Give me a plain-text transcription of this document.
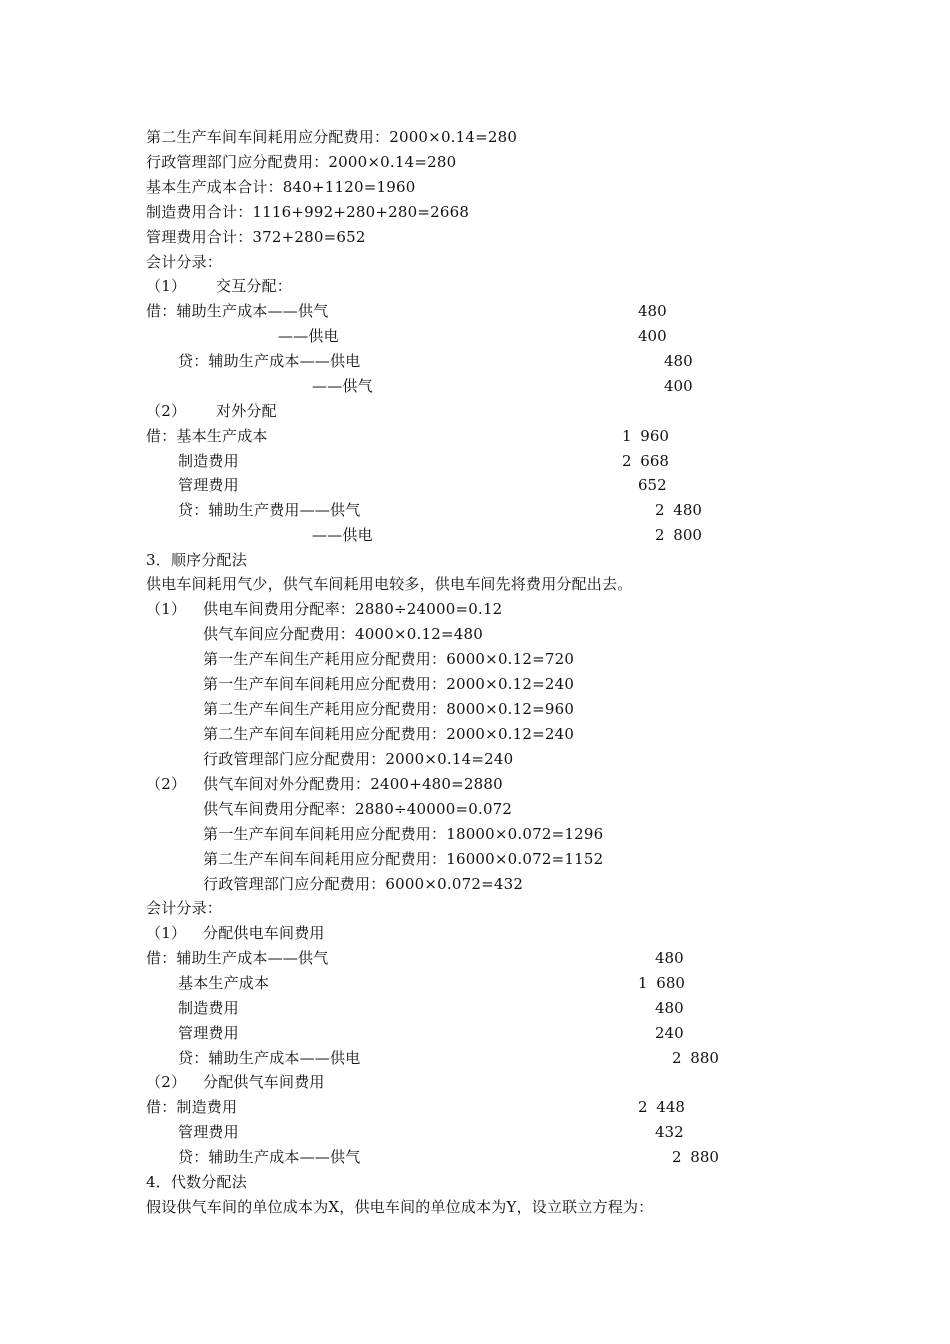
第二生产车间车间耗用应分配费用：2000×0.14=280
行政管理部门应分配费用：2000×0.14=280
基本生产成本合计：840+1120=1960
制造费用合计：1116+992+280+280=2668
管理费用合计：372+280=652
会计分录：
（1） 交互分配：
借：辅助生产成本——供气	480
——供电	400
贷：辅助生产成本——供电	480
——供气	400
（2） 对外分配
借：基本生产成本	1 960
制造费用	2 668
管理费用	652
贷：辅助生产费用——供气	2 480
——供电	2 800
3．顺序分配法
供电车间耗用气少，供气车间耗用电较多，供电车间先将费用分配出去。
（1） 供电车间费用分配率：2880÷24000=0.12
供气车间应分配费用：4000×0.12=480
第一生产车间生产耗用应分配费用：6000×0.12=720
第一生产车间车间耗用应分配费用：2000×0.12=240
第二生产车间生产耗用应分配费用：8000×0.12=960
第二生产车间车间耗用应分配费用：2000×0.12=240
行政管理部门应分配费用：2000×0.14=240
（2） 供气车间对外分配费用：2400+480=2880
供气车间费用分配率：2880÷40000=0.072
第一生产车间车间耗用应分配费用：18000×0.072=1296
第二生产车间车间耗用应分配费用：16000×0.072=1152
行政管理部门应分配费用：6000×0.072=432
会计分录：
（1） 分配供电车间费用
借：辅助生产成本——供气	480
基本生产成本	1 680
制造费用	480
管理费用	240
贷：辅助生产成本——供电	2 880
（2） 分配供气车间费用
借：制造费用	2 448
管理费用	432
贷：辅助生产成本——供气	2 880
4．代数分配法
假设供气车间的单位成本为X，供电车间的单位成本为Y，设立联立方程为：
